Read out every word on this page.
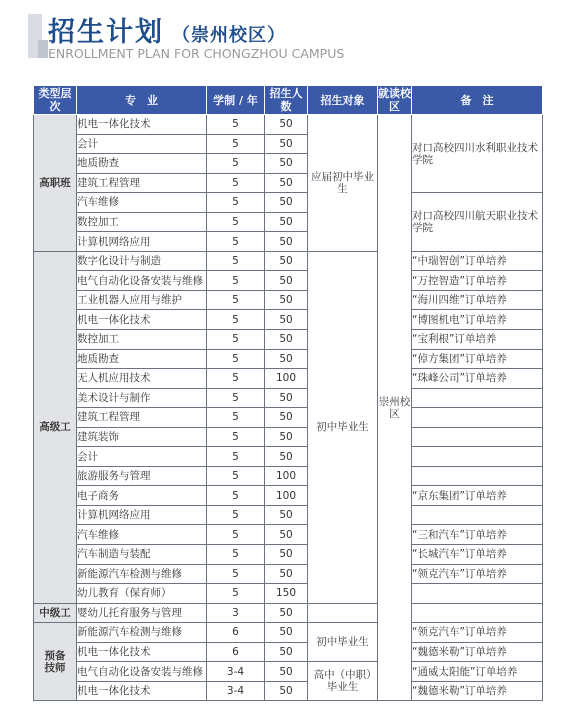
招生计划 （崇州校区）
ENROLLMENT PLAN FOR CHONGZHOU CAMPUS
类型层次	专　业	学制 / 年	招生人数	招生对象	就读校区	备　注
高职班	机电一体化技术	5	50	应届初中毕业生	崇州校区	对口高校四川水利职业技术学院
	会计	5	50			
	地质勘查	5	50			
	建筑工程管理	5	50			
	汽车维修	5	50			对口高校四川航天职业技术学院
	数控加工	5	50			
	计算机网络应用	5	50			
高级工	数字化设计与制造	5	50	初中毕业生		“中瑞智创”订单培养
	电气自动化设备安装与维修	5	50			“万控智造”订单培养
	工业机器人应用与维护	5	50			“海川四维”订单培养
	机电一体化技术	5	50			“博图机电”订单培养
	数控加工	5	50			“宝利根”订单培养
	地质勘查	5	50			“倬方集团”订单培养
	无人机应用技术	5	100			“珠峰公司”订单培养
	美术设计与制作	5	50			
	建筑工程管理	5	50			
	建筑装饰	5	50			
	会计	5	50			
	旅游服务与管理	5	100			
	电子商务	5	100			“京东集团”订单培养
	计算机网络应用	5	50			
	汽车维修	5	50			“三和汽车”订单培养
	汽车制造与装配	5	50			“长城汽车”订单培养
	新能源汽车检测与维修	5	50			“领克汽车”订单培养
	幼儿教育（保育师）	5	150			
中级工	婴幼儿托育服务与管理	3	50			
预备技师	新能源汽车检测与维修	6	50	初中毕业生		“领克汽车”订单培养
	机电一体化技术	6	50			“魏德米勒”订单培养
	电气自动化设备安装与维修	3-4	50	高中（中职）毕业生		“通威太阳能”订单培养
	机电一体化技术	3-4	50			“魏德米勒”订单培养
